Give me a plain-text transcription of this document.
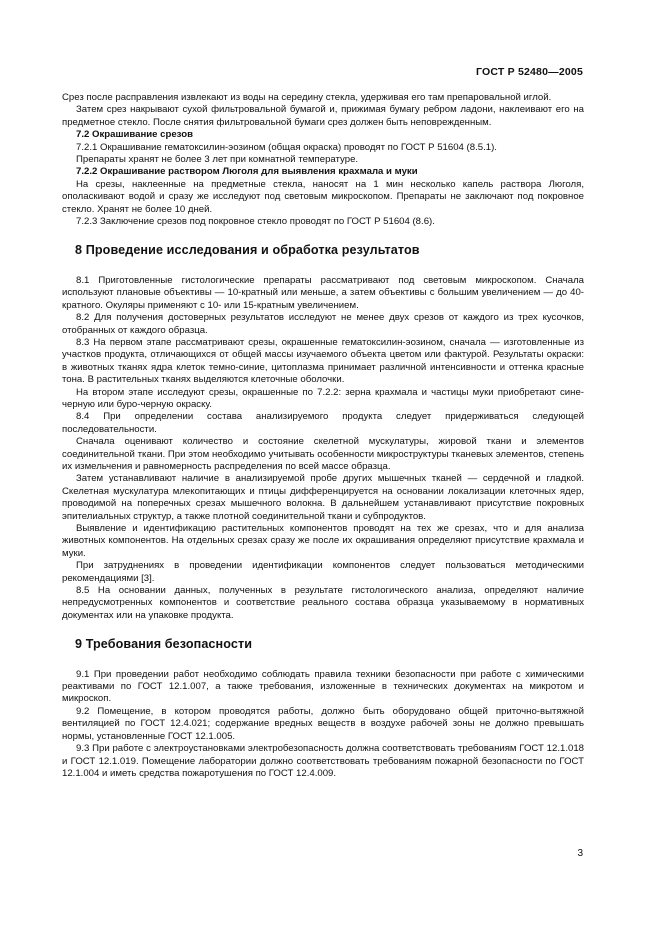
ГОСТ Р 52480—2005

Срез после расправления извлекают из воды на середину стекла, удерживая его там препаровальной иглой.

Затем срез накрывают сухой фильтровальной бумагой и, прижимая бумагу ребром ладони, наклеивают его на предметное стекло. После снятия фильтровальной бумаги срез должен быть неповрежденным.

7.2 Окрашивание срезов

7.2.1 Окрашивание гематоксилин-эозином (общая окраска) проводят по ГОСТ Р 51604 (8.5.1).

Препараты хранят не более 3 лет при комнатной температуре.

7.2.2 Окрашивание раствором Люголя для выявления крахмала и муки

На срезы, наклеенные на предметные стекла, наносят на 1 мин несколько капель раствора Люголя, ополаскивают водой и сразу же исследуют под световым микроскопом. Препараты не заключают под покровное стекло. Хранят не более 10 дней.

7.2.3 Заключение срезов под покровное стекло проводят по ГОСТ Р 51604 (8.6).

8 Проведение исследования и обработка результатов

8.1 Приготовленные гистологические препараты рассматривают под световым микроскопом. Сначала используют плановые объективы — 10-кратный или меньше, а затем объективы с большим увеличением — до 40-кратного. Окуляры применяют с 10- или 15-кратным увеличением.

8.2 Для получения достоверных результатов исследуют не менее двух срезов от каждого из трех кусочков, отобранных от каждого образца.

8.3 На первом этапе рассматривают срезы, окрашенные гематоксилин-эозином, сначала — изготовленные из участков продукта, отличающихся от общей массы изучаемого объекта цветом или фактурой. Результаты окраски: в животных тканях ядра клеток темно-синие, цитоплазма принимает различной интенсивности и оттенка красные тона. В растительных тканях выделяются клеточные оболочки.

На втором этапе исследуют срезы, окрашенные по 7.2.2: зерна крахмала и частицы муки приобретают сине-черную или буро-черную окраску.

8.4 При определении состава анализируемого продукта следует придерживаться следующей последовательности.

Сначала оценивают количество и состояние скелетной мускулатуры, жировой ткани и элементов соединительной ткани. При этом необходимо учитывать особенности микроструктуры тканевых элементов, степень их измельчения и равномерность распределения по всей массе образца.

Затем устанавливают наличие в анализируемой пробе других мышечных тканей — сердечной и гладкой. Скелетная мускулатура млекопитающих и птицы дифференцируется на основании локализации клеточных ядер, проводимой на поперечных срезах мышечного волокна. В дальнейшем устанавливают присутствие покровных эпителиальных структур, а также плотной соединительной ткани и субпродуктов.

Выявление и идентификацию растительных компонентов проводят на тех же срезах, что и для анализа животных компонентов. На отдельных срезах сразу же после их окрашивания определяют присутствие крахмала и муки.

При затруднениях в проведении идентификации компонентов следует пользоваться методическими рекомендациями [3].

8.5 На основании данных, полученных в результате гистологического анализа, определяют наличие непредусмотренных компонентов и соответствие реального состава образца указываемому в нормативных документах или на упаковке продукта.

9 Требования безопасности

9.1 При проведении работ необходимо соблюдать правила техники безопасности при работе с химическими реактивами по ГОСТ 12.1.007, а также требования, изложенные в технических документах на микротом и микроскоп.

9.2 Помещение, в котором проводятся работы, должно быть оборудовано общей приточно-вытяжной вентиляцией по ГОСТ 12.4.021; содержание вредных веществ в воздухе рабочей зоны не должно превышать нормы, установленные ГОСТ 12.1.005.

9.3 При работе с электроустановками электробезопасность должна соответствовать требованиям ГОСТ 12.1.018 и ГОСТ 12.1.019. Помещение лаборатории должно соответствовать требованиям пожарной безопасности по ГОСТ 12.1.004 и иметь средства пожаротушения по ГОСТ 12.4.009.

3
